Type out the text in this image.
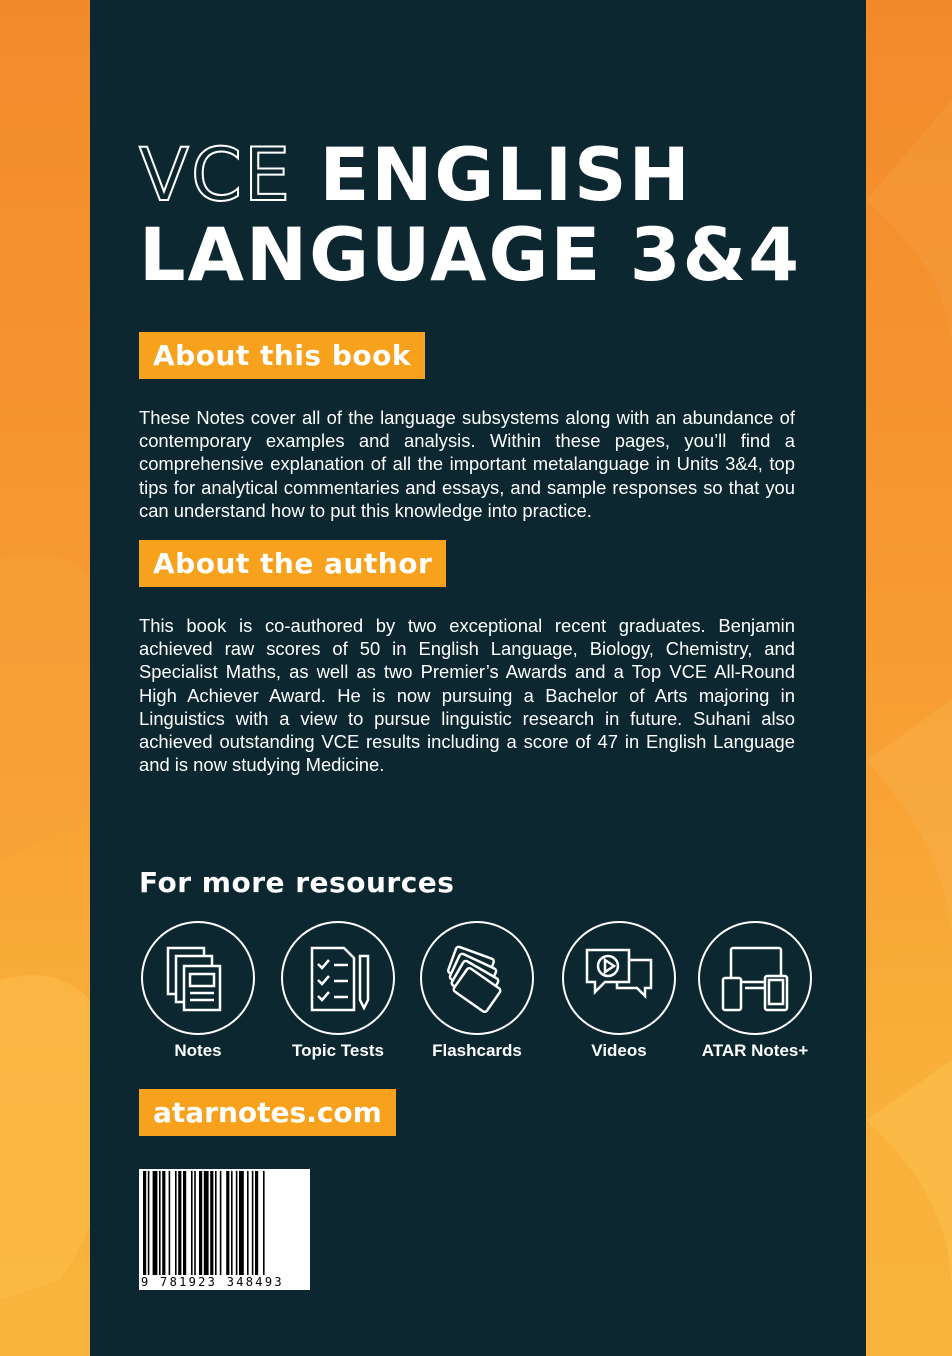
VCE ENGLISH
LANGUAGE 3&4
About this book

These Notes cover all of the language subsystems along with an abundance of contemporary examples and analysis. Within these pages, you’ll find a comprehensive explanation of all the important metalanguage in Units 3&4, top tips for analytical commentaries and essays, and sample responses so that you can understand how to put this knowledge into practice.

About the author

This book is co-authored by two exceptional recent graduates. Benjamin achieved raw scores of 50 in English Language, Biology, Chemistry, and Specialist Maths, as well as two Premier’s Awards and a Top VCE All-Round High Achiever Award. He is now pursuing a Bachelor of Arts majoring in Linguistics with a view to pursue linguistic research in future. Suhani also achieved outstanding VCE results including a score of 47 in English Language and is now studying Medicine.

For more resources
Notes	Topic Tests	Flashcards	Videos	ATAR Notes+
atarnotes.com
9 781923 348493
